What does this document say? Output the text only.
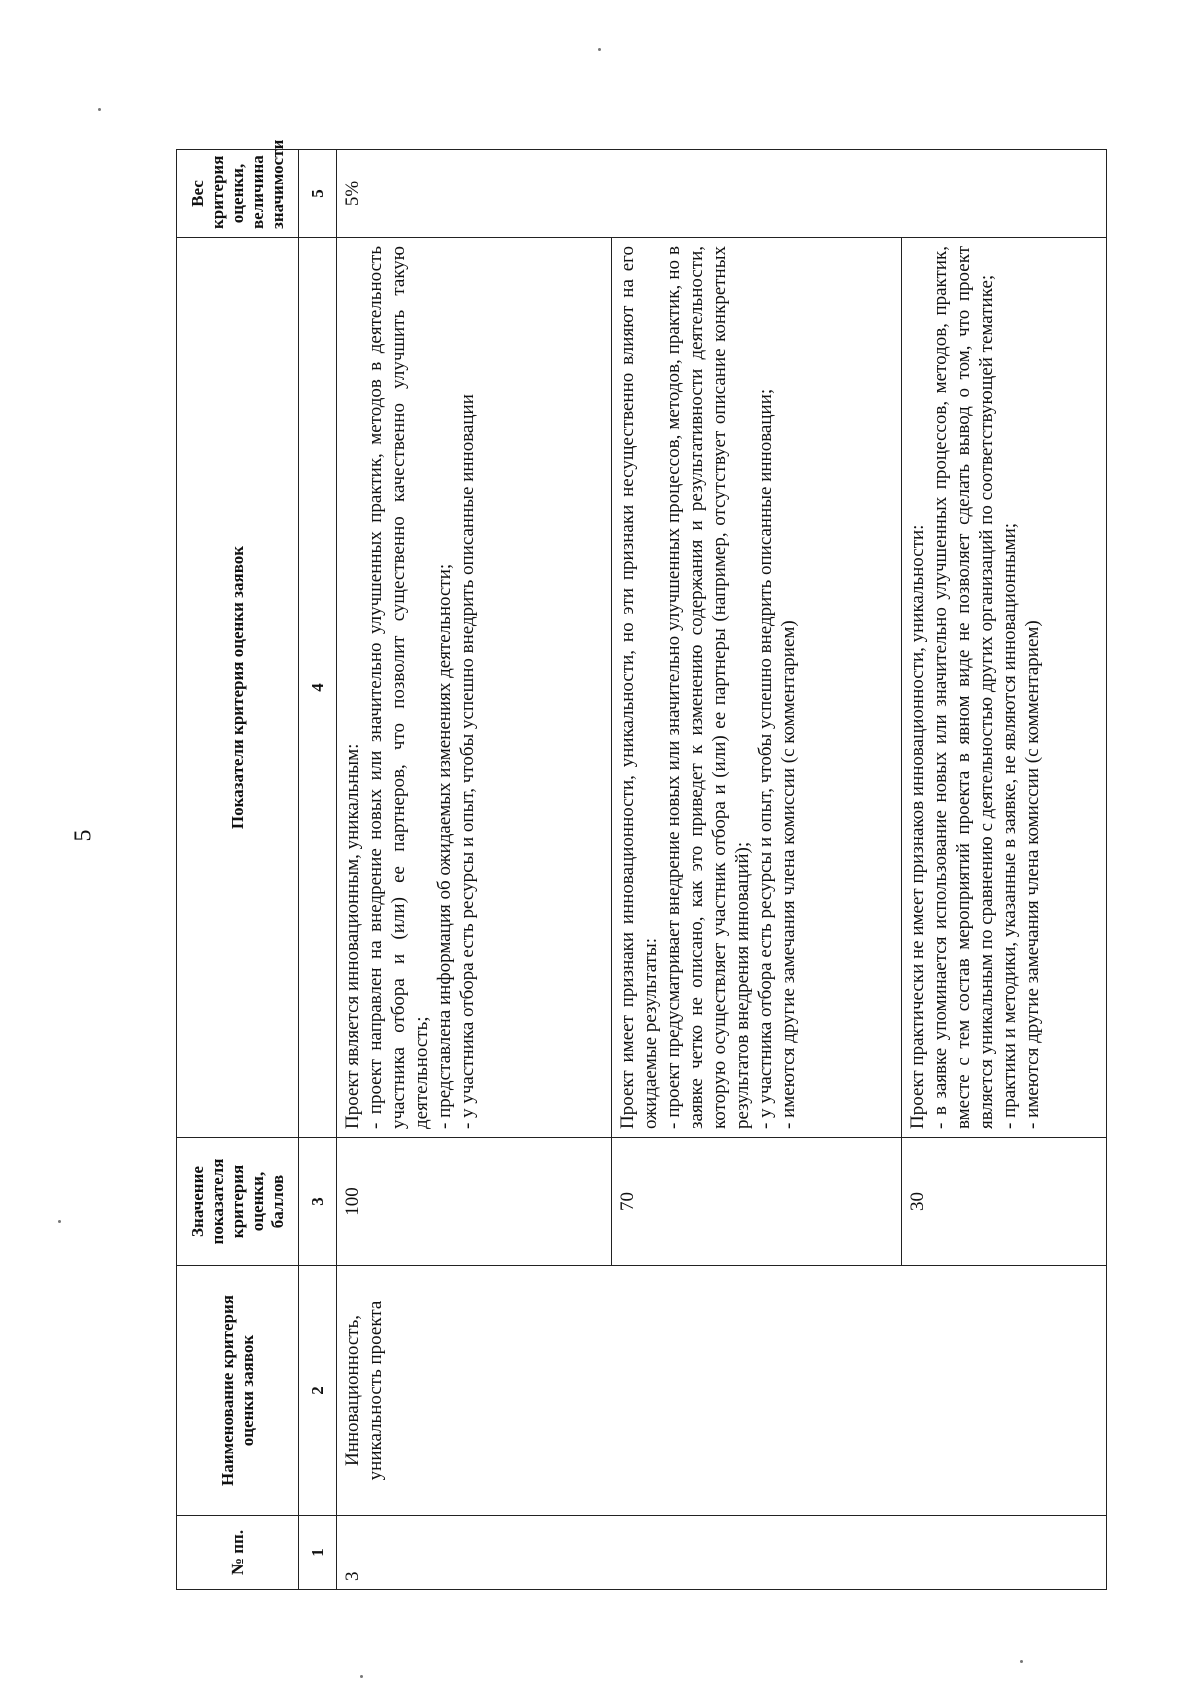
5
№ пп.	Наименование критерия оценки заявок	Значение показателя критерия оценки, баллов	Показатели критерия оценки заявок	Вес критерия оценки, величина значимости
1	2	3	4	5
3	Инновационность, уникальность проекта	100	Проект является инновационным, уникальным: - проект направлен на внедрение новых или значительно улучшенных практик, методов в деятельность участника отбора и (или) ее партнеров, что позволит существенно качественно улучшить такую деятельность; - представлена информация об ожидаемых изменениях деятельности; - у участника отбора есть ресурсы и опыт, чтобы успешно внедрить описанные инновации	5%
		70	Проект имеет признаки инновационности, уникальности, но эти признаки несущественно влияют на его ожидаемые результаты: - проект предусматривает внедрение новых или значительно улучшенных процессов, методов, практик, но в заявке четко не описано, как это приведет к изменению содержания и результативности деятельности, которую осуществляет участник отбора и (или) ее партнеры (например, отсутствует описание конкретных результатов внедрения инноваций); - у участника отбора есть ресурсы и опыт, чтобы успешно внедрить описанные инновации; - имеются другие замечания члена комиссии (с комментарием)	

		30	Проект практически не имеет признаков инновационности, уникальности: - в заявке упоминается использование новых или значительно улучшенных процессов, методов, практик, вместе с тем состав мероприятий проекта в явном виде не позволяет сделать вывод о том, что проект является уникальным по сравнению с деятельностью других организаций по соответствующей тематике; - практики и методики, указанные в заявке, не являются инновационными; - имеются другие замечания члена комиссии (с комментарием)	
